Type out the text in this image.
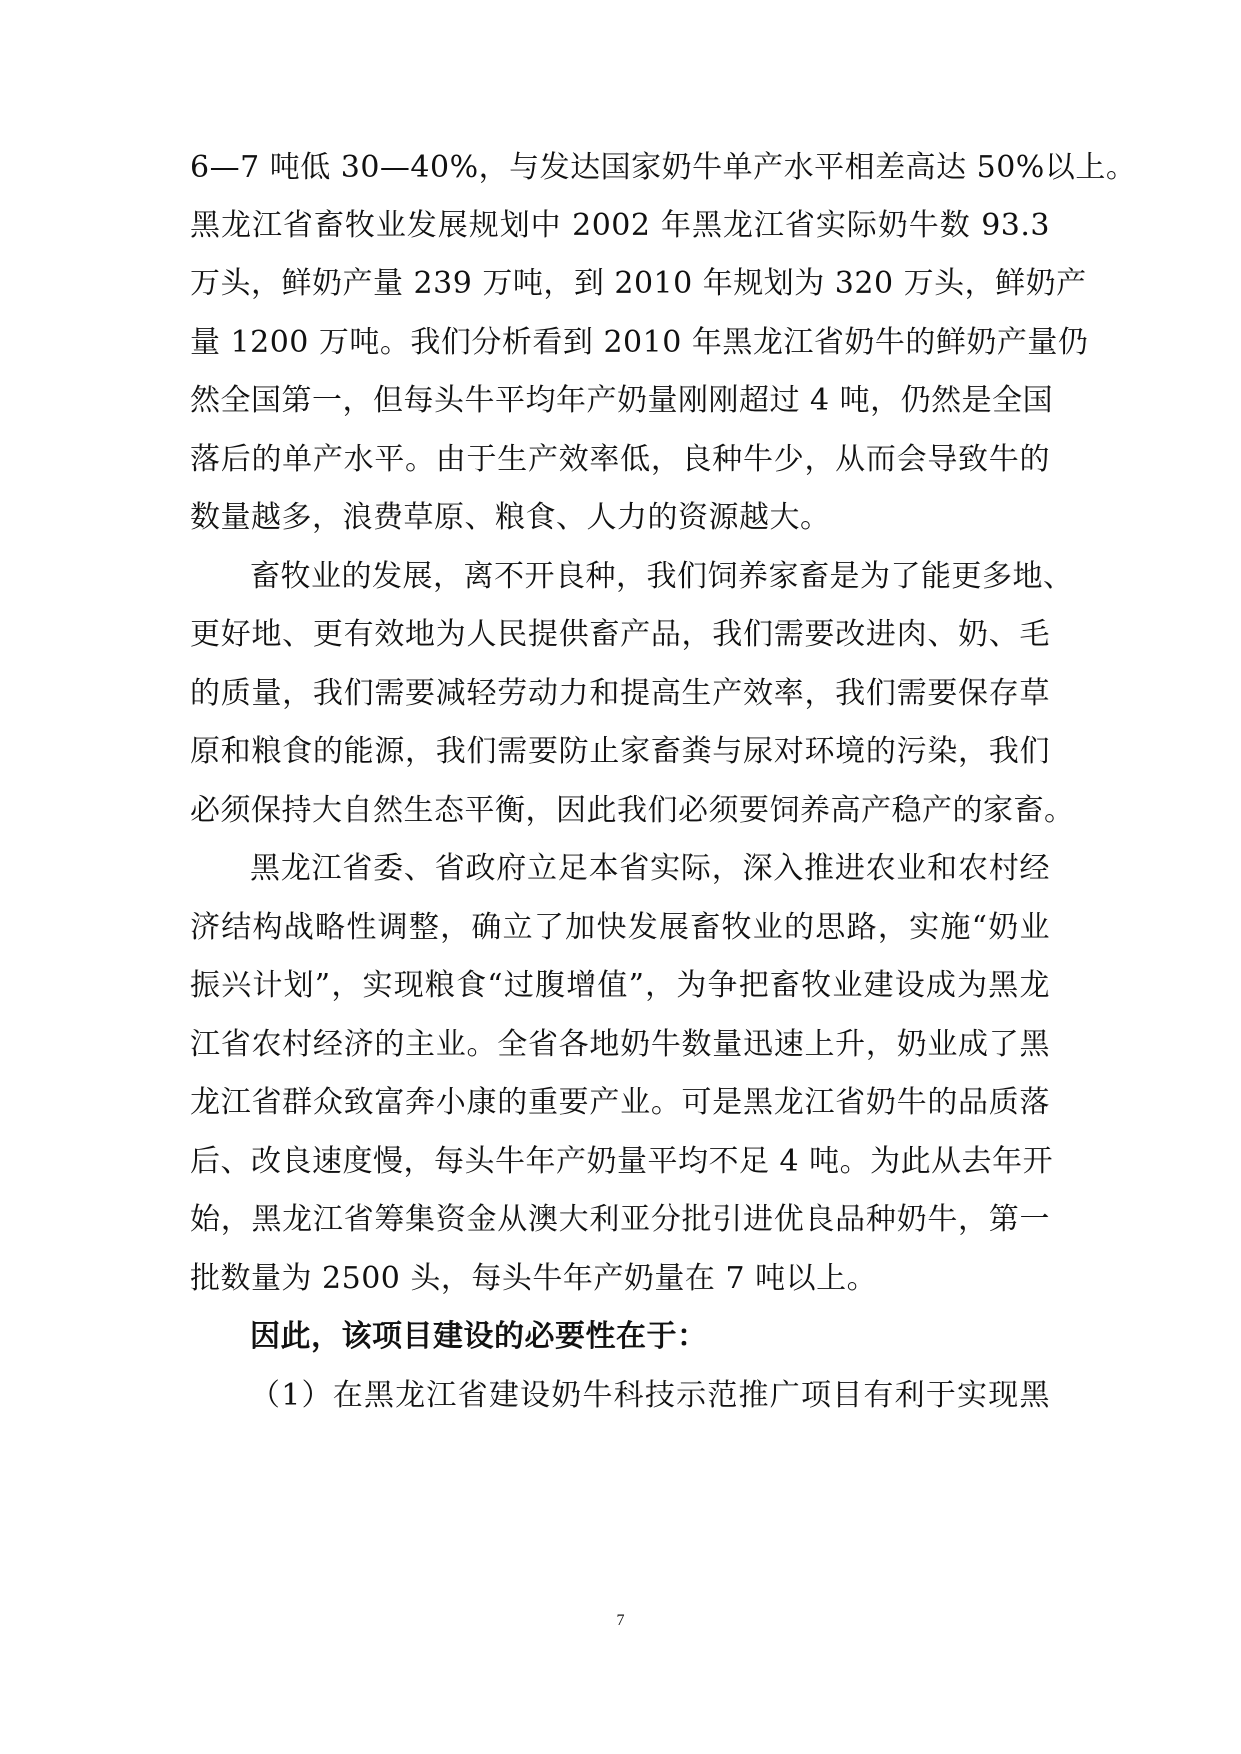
6—7 吨低 30—40%，与发达国家奶牛单产水平相差高达 50%以上。
黑龙江省畜牧业发展规划中 2002 年黑龙江省实际奶牛数 93.3
万头，鲜奶产量 239 万吨，到 2010 年规划为 320 万头，鲜奶产
量 1200 万吨。我们分析看到 2010 年黑龙江省奶牛的鲜奶产量仍
然全国第一，但每头牛平均年产奶量刚刚超过 4 吨，仍然是全国
落后的单产水平。由于生产效率低，良种牛少，从而会导致牛的
数量越多，浪费草原、粮食、人力的资源越大。
畜牧业的发展，离不开良种，我们饲养家畜是为了能更多地、
更好地、更有效地为人民提供畜产品，我们需要改进肉、奶、毛
的质量，我们需要减轻劳动力和提高生产效率，我们需要保存草
原和粮食的能源，我们需要防止家畜粪与尿对环境的污染，我们
必须保持大自然生态平衡，因此我们必须要饲养高产稳产的家畜。
黑龙江省委、省政府立足本省实际，深入推进农业和农村经
济结构战略性调整，确立了加快发展畜牧业的思路，实施“奶业
振兴计划”，实现粮食“过腹增值”，为争把畜牧业建设成为黑龙
江省农村经济的主业。全省各地奶牛数量迅速上升，奶业成了黑
龙江省群众致富奔小康的重要产业。可是黑龙江省奶牛的品质落
后、改良速度慢，每头牛年产奶量平均不足 4 吨。为此从去年开
始，黑龙江省筹集资金从澳大利亚分批引进优良品种奶牛，第一
批数量为 2500 头，每头牛年产奶量在 7 吨以上。
因此，该项目建设的必要性在于：
（1）在黑龙江省建设奶牛科技示范推广项目有利于实现黑
7
